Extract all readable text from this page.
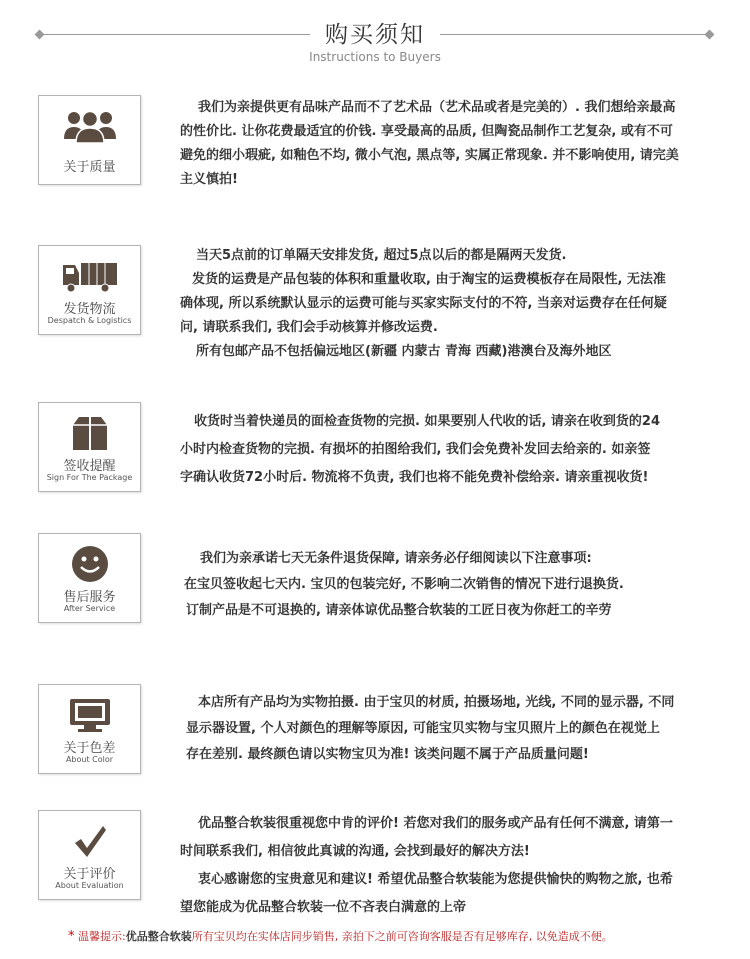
购买须知
Instructions to Buyers
关于质量

我们为亲提供更有品味产品而不了艺术品（艺术品或者是完美的）. 我们想给亲最高

的性价比. 让你花费最适宜的价钱. 享受最高的品质, 但陶瓷品制作工艺复杂, 或有不可

避免的细小瑕疵, 如釉色不均, 微小气泡, 黑点等, 实属正常现象. 并不影响使用, 请完美

主义慎拍!

发货物流
Despatch & Logistics

当天5点前的订单隔天安排发货, 超过5点以后的都是隔两天发货.

发货的运费是产品包装的体积和重量收取, 由于淘宝的运费模板存在局限性, 无法准

确体现, 所以系统默认显示的运费可能与买家实际支付的不符, 当亲对运费存在任何疑

问, 请联系我们, 我们会手动核算并修改运费.

所有包邮产品不包括偏远地区(新疆 内蒙古 青海 西藏)港澳台及海外地区

签收提醒
Sign For The Package

收货时当着快递员的面检查货物的完损. 如果要别人代收的话, 请亲在收到货的24

小时内检查货物的完损. 有损坏的拍图给我们, 我们会免费补发回去给亲的. 如亲签

字确认收货72小时后. 物流将不负责, 我们也将不能免费补偿给亲. 请亲重视收货!

售后服务
After Service

我们为亲承诺七天无条件退货保障, 请亲务必仔细阅读以下注意事项:

在宝贝签收起七天内. 宝贝的包装完好, 不影响二次销售的情况下进行退换货.

订制产品是不可退换的, 请亲体谅优品整合软装的工匠日夜为你赶工的辛劳

关于色差
About Color

本店所有产品均为实物拍摄. 由于宝贝的材质, 拍摄场地, 光线, 不同的显示器, 不同

显示器设置, 个人对颜色的理解等原因, 可能宝贝实物与宝贝照片上的颜色在视觉上

存在差别. 最终颜色请以实物宝贝为准! 该类问题不属于产品质量问题!

关于评价
About Evaluation

优品整合软装很重视您中肯的评价! 若您对我们的服务或产品有任何不满意, 请第一

时间联系我们, 相信彼此真诚的沟通, 会找到最好的解决方法!

衷心感谢您的宝贵意见和建议! 希望优品整合软装能为您提供愉快的购物之旅, 也希

望您能成为优品整合软装一位不吝表白满意的上帝

* 温馨提示:优品整合软装所有宝贝均在实体店同步销售, 亲拍下之前可咨询客服是否有足够库存, 以免造成不便。
